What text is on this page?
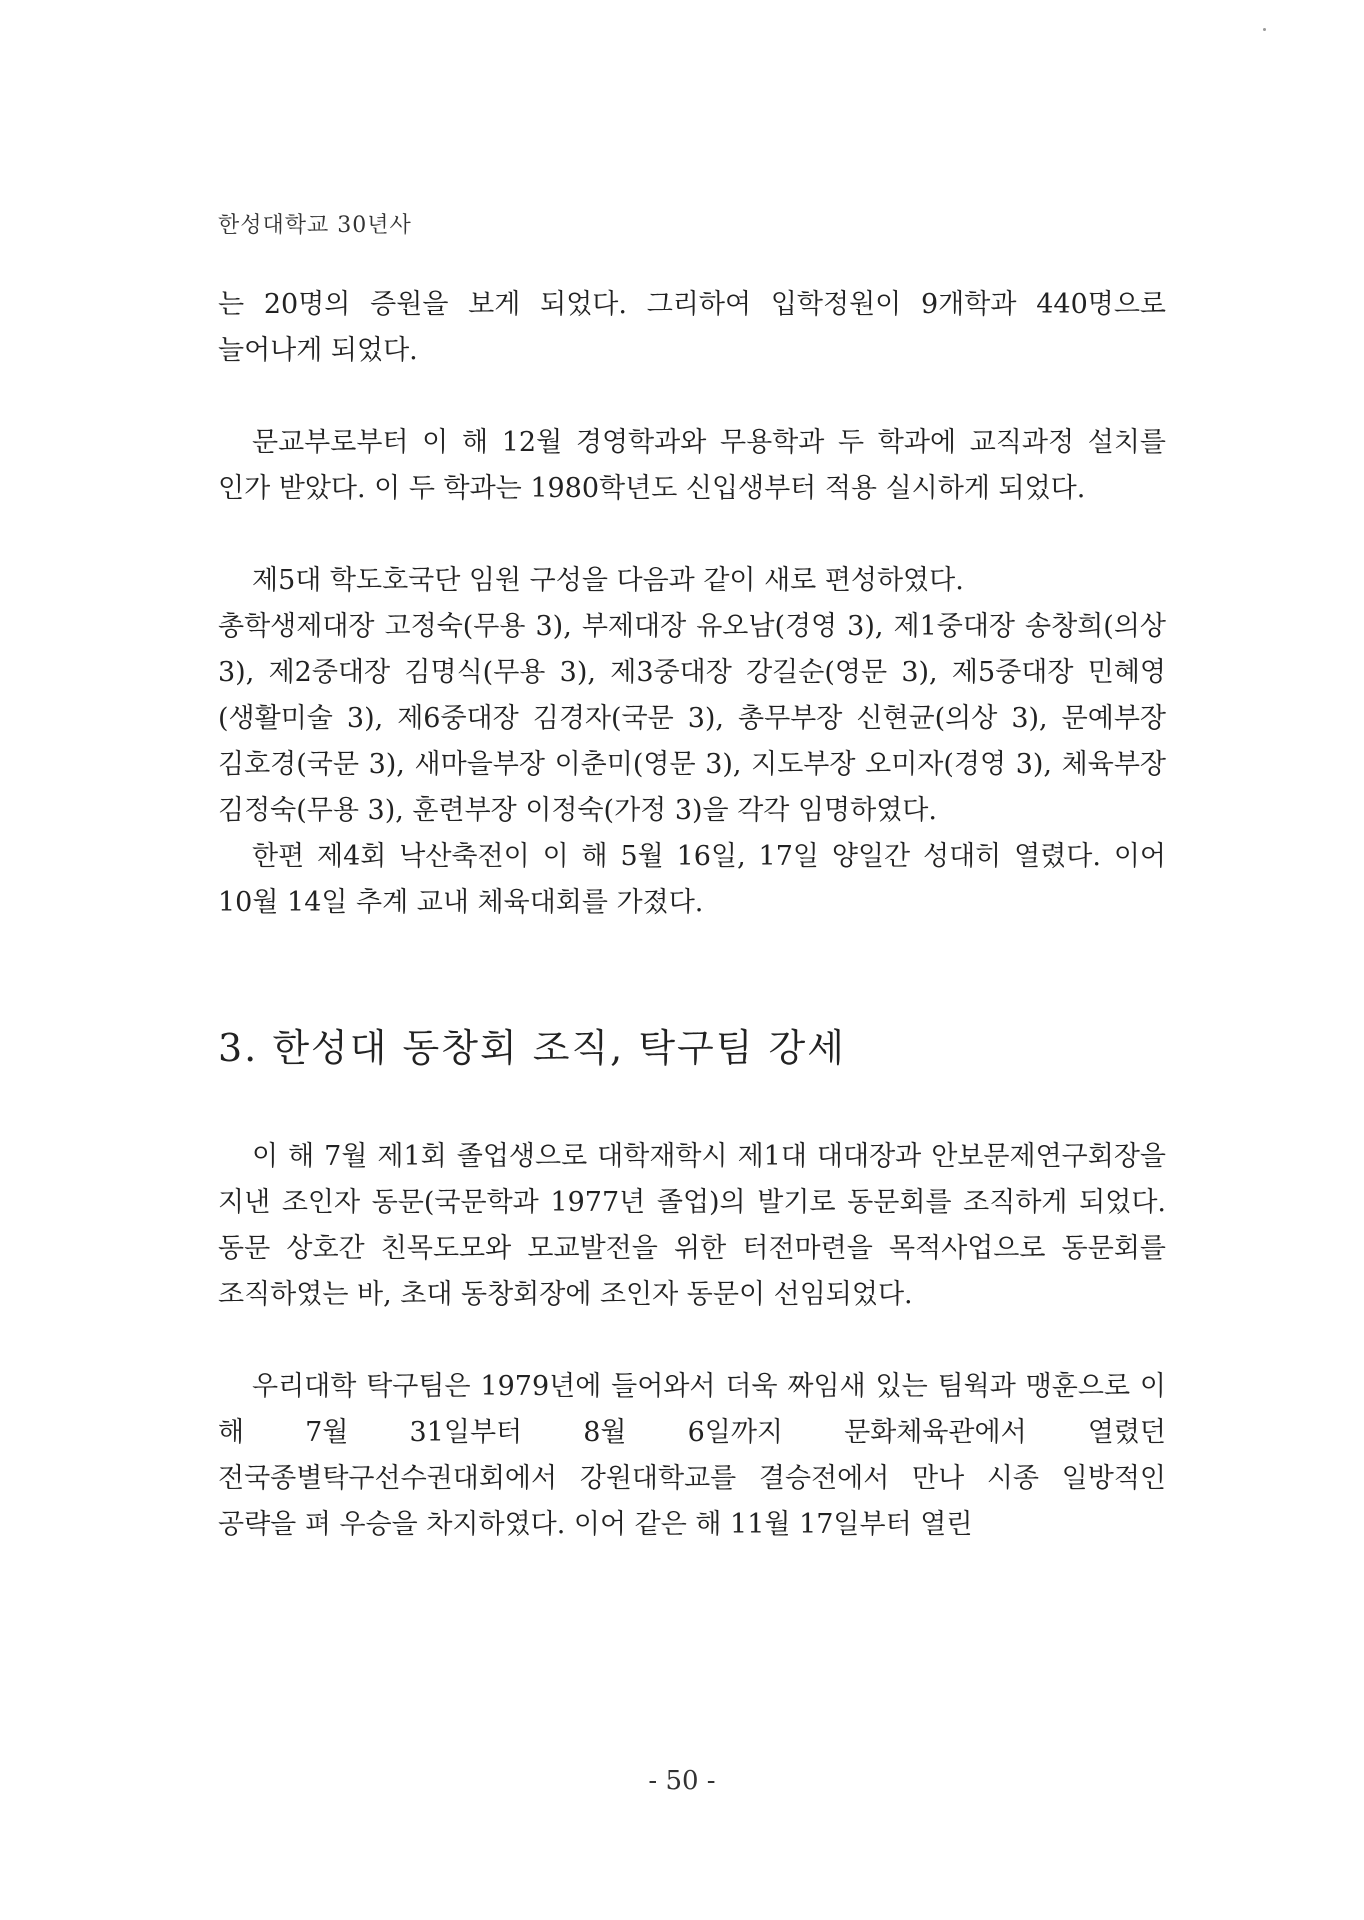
한성대학교 30년사

는 20명의 증원을 보게 되었다. 그리하여 입학정원이 9개학과 440명으로 늘어나게 되었다.

문교부로부터 이 해 12월 경영학과와 무용학과 두 학과에 교직과정 설치를 인가 받았다. 이 두 학과는 1980학년도 신입생부터 적용 실시하게 되었다.

제5대 학도호국단 임원 구성을 다음과 같이 새로 편성하였다.

총학생제대장 고정숙(무용 3), 부제대장 유오남(경영 3), 제1중대장 송창희(의상 3), 제2중대장 김명식(무용 3), 제3중대장 강길순(영문 3), 제5중대장 민혜영(생활미술 3), 제6중대장 김경자(국문 3), 총무부장 신현균(의상 3), 문예부장 김호경(국문 3), 새마을부장 이춘미(영문 3), 지도부장 오미자(경영 3), 체육부장 김정숙(무용 3), 훈련부장 이정숙(가정 3)을 각각 임명하였다.

한편 제4회 낙산축전이 이 해 5월 16일, 17일 양일간 성대히 열렸다. 이어 10월 14일 추계 교내 체육대회를 가졌다.

3. 한성대 동창회 조직, 탁구팀 강세

이 해 7월 제1회 졸업생으로 대학재학시 제1대 대대장과 안보문제연구회장을 지낸 조인자 동문(국문학과 1977년 졸업)의 발기로 동문회를 조직하게 되었다. 동문 상호간 친목도모와 모교발전을 위한 터전마련을 목적사업으로 동문회를 조직하였는 바, 초대 동창회장에 조인자 동문이 선임되었다.

우리대학 탁구팀은 1979년에 들어와서 더욱 짜임새 있는 팀웍과 맹훈으로 이 해 7월 31일부터 8월 6일까지 문화체육관에서 열렸던 전국종별탁구선수권대회에서 강원대학교를 결승전에서 만나 시종 일방적인 공략을 펴 우승을 차지하였다. 이어 같은 해 11월 17일부터 열린

- 50 -
